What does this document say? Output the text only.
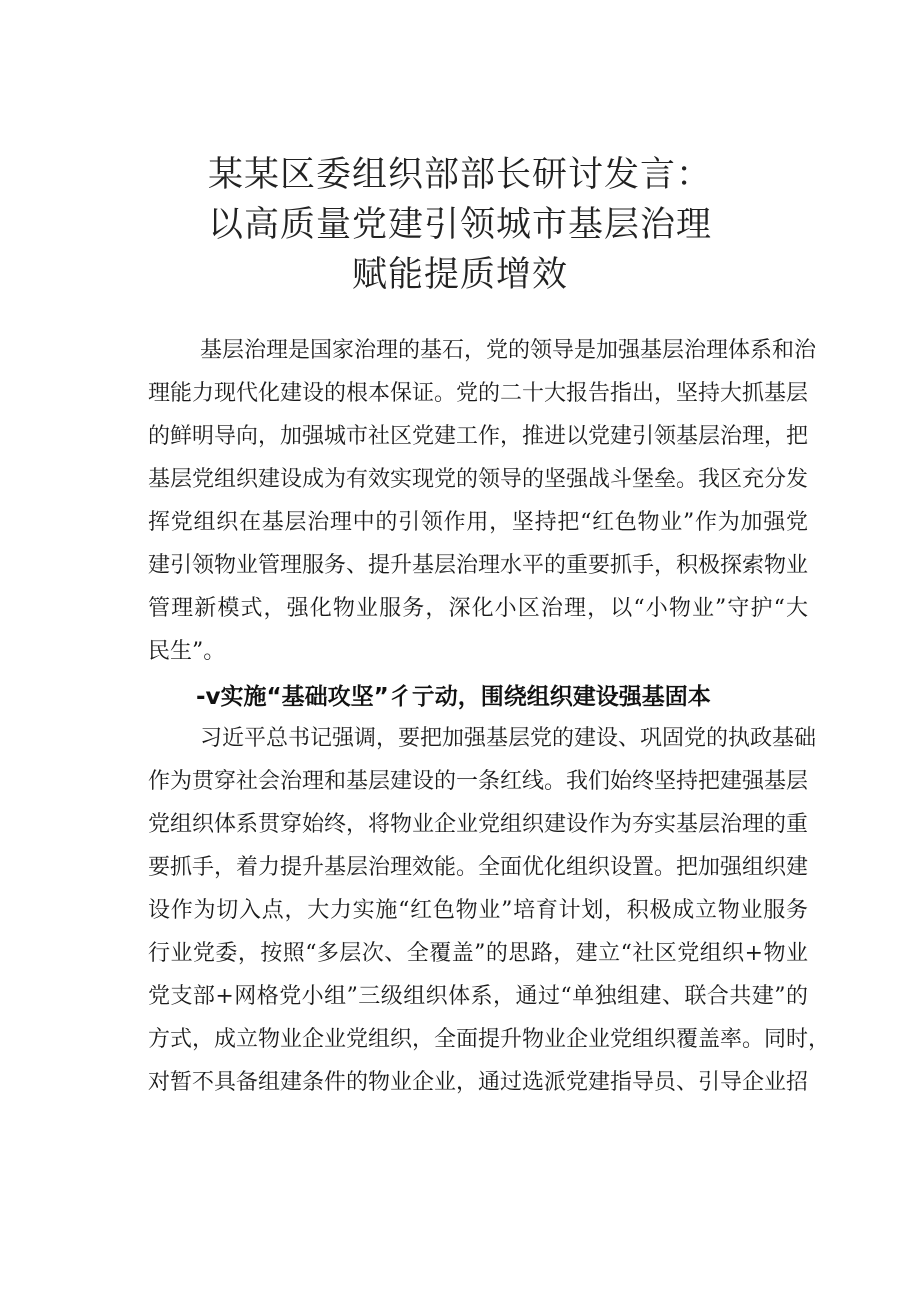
某某区委组织部部长研讨发言：
以高质量党建引领城市基层治理
赋能提质增效
基层治理是国家治理的基石，党的领导是加强基层治理体系和治
理能力现代化建设的根本保证。党的二十大报告指出，坚持大抓基层
的鲜明导向，加强城市社区党建工作，推进以党建引领基层治理，把
基层党组织建设成为有效实现党的领导的坚强战斗堡垒。我区充分发
挥党组织在基层治理中的引领作用，坚持把“红色物业”作为加强党
建引领物业管理服务、提升基层治理水平的重要抓手，积极探索物业
管理新模式，强化物业服务，深化小区治理，以“小物业”守护“大
民生”。
-v实施“基础攻坚”彳亍动，围绕组织建设强基固本
习近平总书记强调，要把加强基层党的建设、巩固党的执政基础
作为贯穿社会治理和基层建设的一条红线。我们始终坚持把建强基层
党组织体系贯穿始终，将物业企业党组织建设作为夯实基层治理的重
要抓手，着力提升基层治理效能。全面优化组织设置。把加强组织建
设作为切入点，大力实施“红色物业”培育计划，积极成立物业服务
行业党委，按照“多层次、全覆盖”的思路，建立“社区党组织+物业
党支部+网格党小组”三级组织体系，通过“单独组建、联合共建”的
方式，成立物业企业党组织，全面提升物业企业党组织覆盖率。同时，
对暂不具备组建条件的物业企业，通过选派党建指导员、引导企业招
